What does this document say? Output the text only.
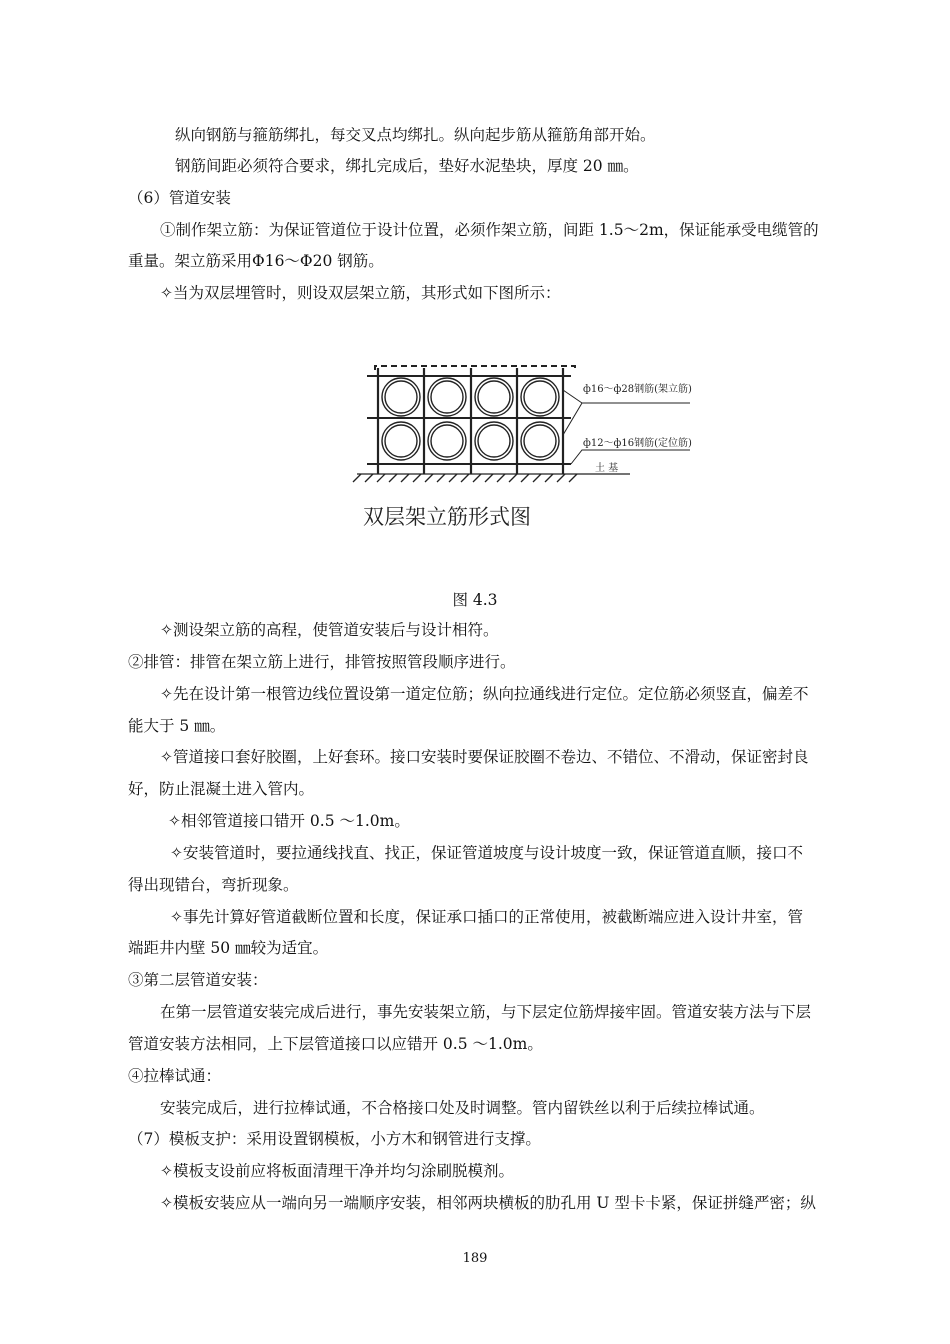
纵向钢筋与箍筋绑扎，每交叉点均绑扎。纵向起步筋从箍筋角部开始。
钢筋间距必须符合要求，绑扎完成后，垫好水泥垫块，厚度 20 ㎜。
（6）管道安装
①制作架立筋：为保证管道位于设计位置，必须作架立筋，间距 1.5～2m，保证能承受电缆管的
重量。架立筋采用Φ16～Φ20 钢筋。
✧当为双层埋管时，则设双层架立筋，其形式如下图所示：
ф16～ф28钢筋(架立筋)
ф12～ф16钢筋(定位筋)
土 基
双层架立筋形式图
图 4.3
✧测设架立筋的高程，使管道安装后与设计相符。
②排管：排管在架立筋上进行，排管按照管段顺序进行。
✧先在设计第一根管边线位置设第一道定位筋；纵向拉通线进行定位。定位筋必须竖直，偏差不
能大于 5 ㎜。
✧管道接口套好胶圈，上好套环。接口安装时要保证胶圈不卷边、不错位、不滑动，保证密封良
好，防止混凝土进入管内。
✧相邻管道接口错开 0.5 ～1.0m。
✧安装管道时，要拉通线找直、找正，保证管道坡度与设计坡度一致，保证管道直顺，接口不
得出现错台，弯折现象。
✧事先计算好管道截断位置和长度，保证承口插口的正常使用，被截断端应进入设计井室，管
端距井内壁 50 ㎜较为适宜。
③第二层管道安装：
在第一层管道安装完成后进行，事先安装架立筋，与下层定位筋焊接牢固。管道安装方法与下层
管道安装方法相同，上下层管道接口以应错开 0.5 ～1.0m。
④拉棒试通：
安装完成后，进行拉棒试通，不合格接口处及时调整。管内留铁丝以利于后续拉棒试通。
（7）模板支护：采用设置钢模板，小方木和钢管进行支撑。
✧模板支设前应将板面清理干净并均匀涂刷脱模剂。
✧模板安装应从一端向另一端顺序安装，相邻两块横板的肋孔用 U 型卡卡紧，保证拼缝严密；纵
189
